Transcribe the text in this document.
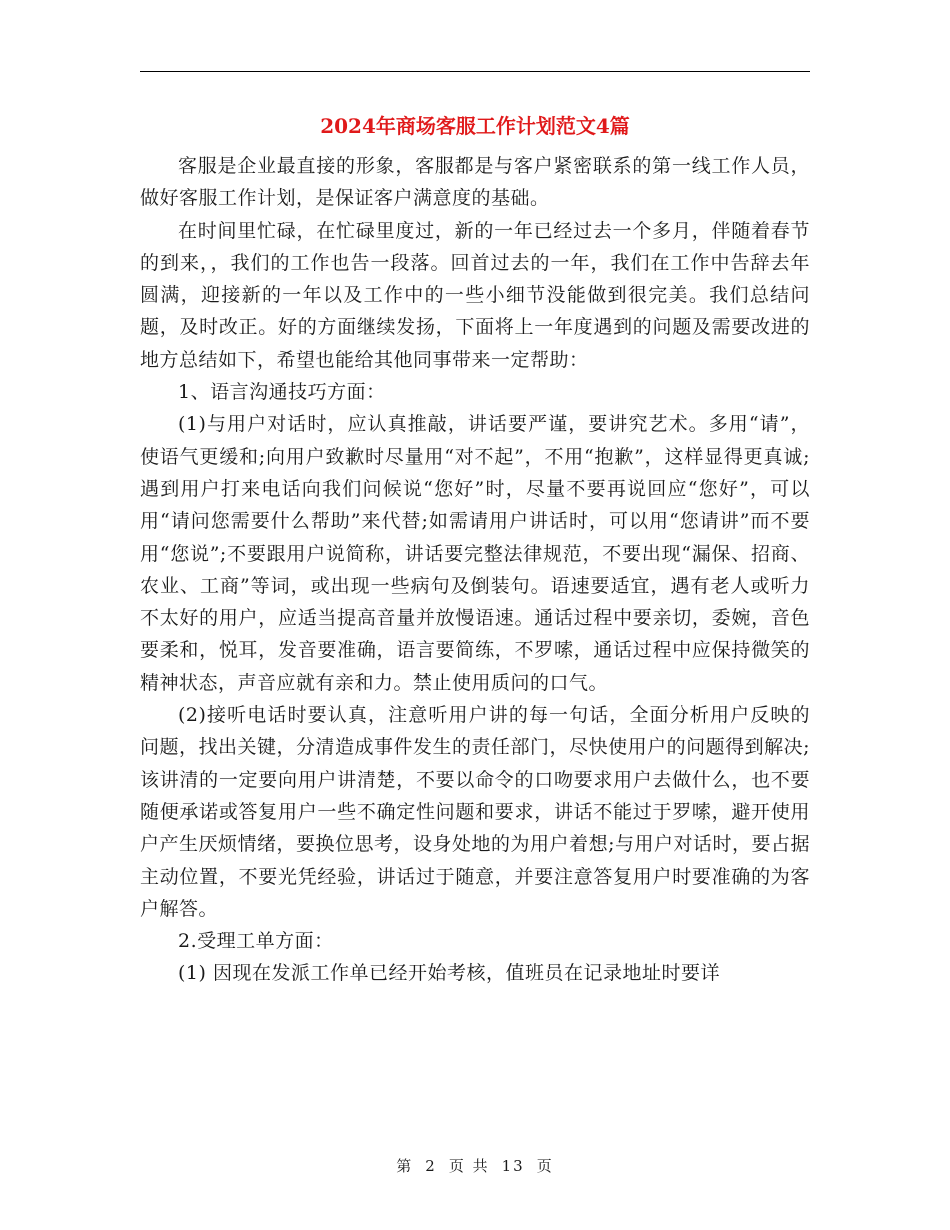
2024年商场客服工作计划范文4篇

客服是企业最直接的形象，客服都是与客户紧密联系的第一线工作人员，做好客服工作计划，是保证客户满意度的基础。

在时间里忙碌，在忙碌里度过，新的一年已经过去一个多月，伴随着春节的到来，，我们的工作也告一段落。回首过去的一年，我们在工作中告辞去年圆满，迎接新的一年以及工作中的一些小细节没能做到很完美。我们总结问题，及时改正。好的方面继续发扬，下面将上一年度遇到的问题及需要改进的地方总结如下，希望也能给其他同事带来一定帮助：

1、语言沟通技巧方面：

(1)与用户对话时，应认真推敲，讲话要严谨，要讲究艺术。多用“请”，使语气更缓和;向用户致歉时尽量用“对不起”，不用“抱歉”，这样显得更真诚;遇到用户打来电话向我们问候说“您好”时，尽量不要再说回应“您好”，可以用“请问您需要什么帮助”来代替;如需请用户讲话时，可以用“您请讲”而不要用“您说”;不要跟用户说简称，讲话要完整法律规范，不要出现“漏保、招商、农业、工商”等词，或出现一些病句及倒装句。语速要适宜，遇有老人或听力不太好的用户，应适当提高音量并放慢语速。通话过程中要亲切，委婉，音色要柔和，悦耳，发音要准确，语言要简练，不罗嗦，通话过程中应保持微笑的精神状态，声音应就有亲和力。禁止使用质问的口气。

(2)接听电话时要认真，注意听用户讲的每一句话，全面分析用户反映的问题，找出关键，分清造成事件发生的责任部门，尽快使用户的问题得到解决;该讲清的一定要向用户讲清楚，不要以命令的口吻要求用户去做什么，也不要随便承诺或答复用户一些不确定性问题和要求，讲话不能过于罗嗦，避开使用户产生厌烦情绪，要换位思考，设身处地的为用户着想;与用户对话时，要占据主动位置，不要光凭经验，讲话过于随意，并要注意答复用户时要准确的为客户解答。

2.受理工单方面：

(1) 因现在发派工作单已经开始考核，值班员在记录地址时要详

第 2 页 共 13 页
